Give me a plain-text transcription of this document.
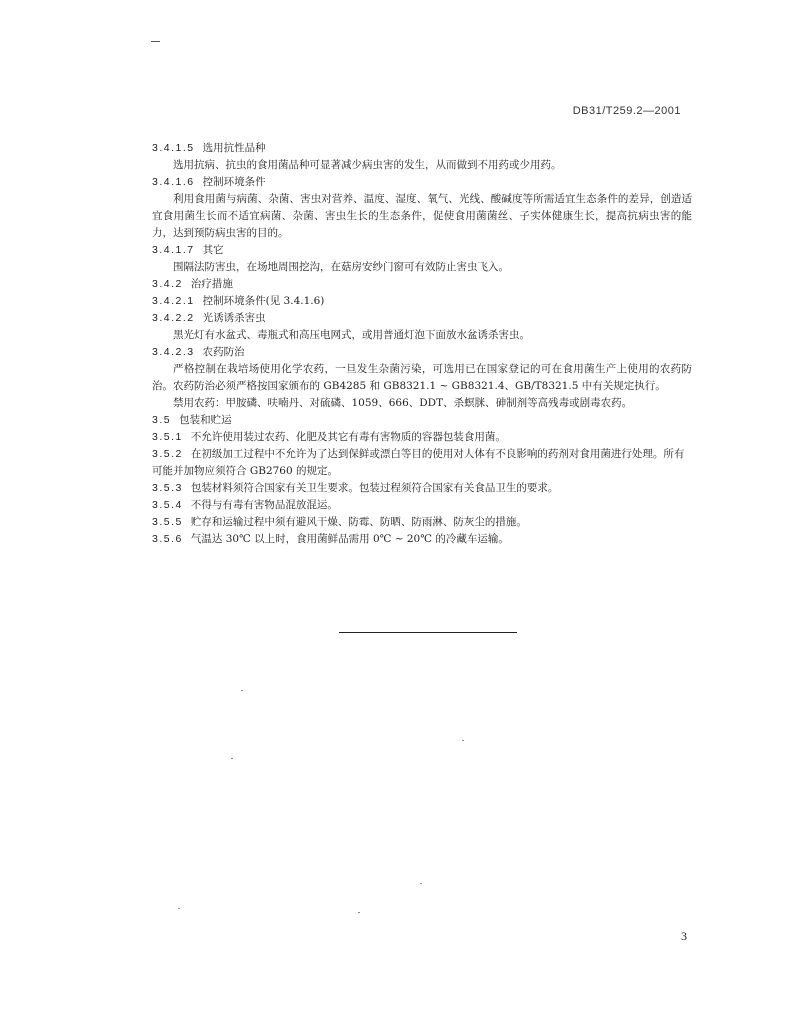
DB31/T259.2—2001
3.4.1.5 选用抗性品种
选用抗病、抗虫的食用菌品种可显著减少病虫害的发生，从而做到不用药或少用药。
3.4.1.6 控制环境条件
利用食用菌与病菌、杂菌、害虫对营养、温度、湿度、氧气、光线、酸碱度等所需适宜生态条件的差异，创造适宜食用菌生长而不适宜病菌、杂菌、害虫生长的生态条件，促使食用菌菌丝、子实体健康生长，提高抗病虫害的能力，达到预防病虫害的目的。
3.4.1.7 其它
围隔法防害虫，在场地周围挖沟，在菇房安纱门窗可有效防止害虫飞入。
3.4.2 治疗措施
3.4.2.1 控制环境条件(见 3.4.1.6)
3.4.2.2 光诱诱杀害虫
黑光灯有水盆式、毒瓶式和高压电网式，或用普通灯泡下面放水盆诱杀害虫。
3.4.2.3 农药防治
严格控制在栽培场使用化学农药，一旦发生杂菌污染，可选用已在国家登记的可在食用菌生产上使用的农药防治。农药防治必须严格按国家颁布的 GB4285 和 GB8321.1 ~ GB8321.4、GB/T8321.5 中有关规定执行。
禁用农药：甲胺磷、呋喃丹、对硫磷、1059、666、DDT、杀螟脒、砷制剂等高残毒或剧毒农药。
3.5 包装和贮运
3.5.1 不允许使用装过农药、化肥及其它有毒有害物质的容器包装食用菌。
3.5.2 在初级加工过程中不允许为了达到保鲜或漂白等目的使用对人体有不良影响的药剂对食用菌进行处理。所有可能并加物应须符合 GB2760 的规定。
3.5.3 包装材料须符合国家有关卫生要求。包装过程须符合国家有关食品卫生的要求。
3.5.4 不得与有毒有害物品混放混运。
3.5.5 贮存和运输过程中须有避风干燥、防霉、防晒、防雨淋、防灰尘的措施。
3.5.6 气温达 30℃ 以上时，食用菌鲜品需用 0℃ ~ 20℃ 的冷藏车运输。
3
